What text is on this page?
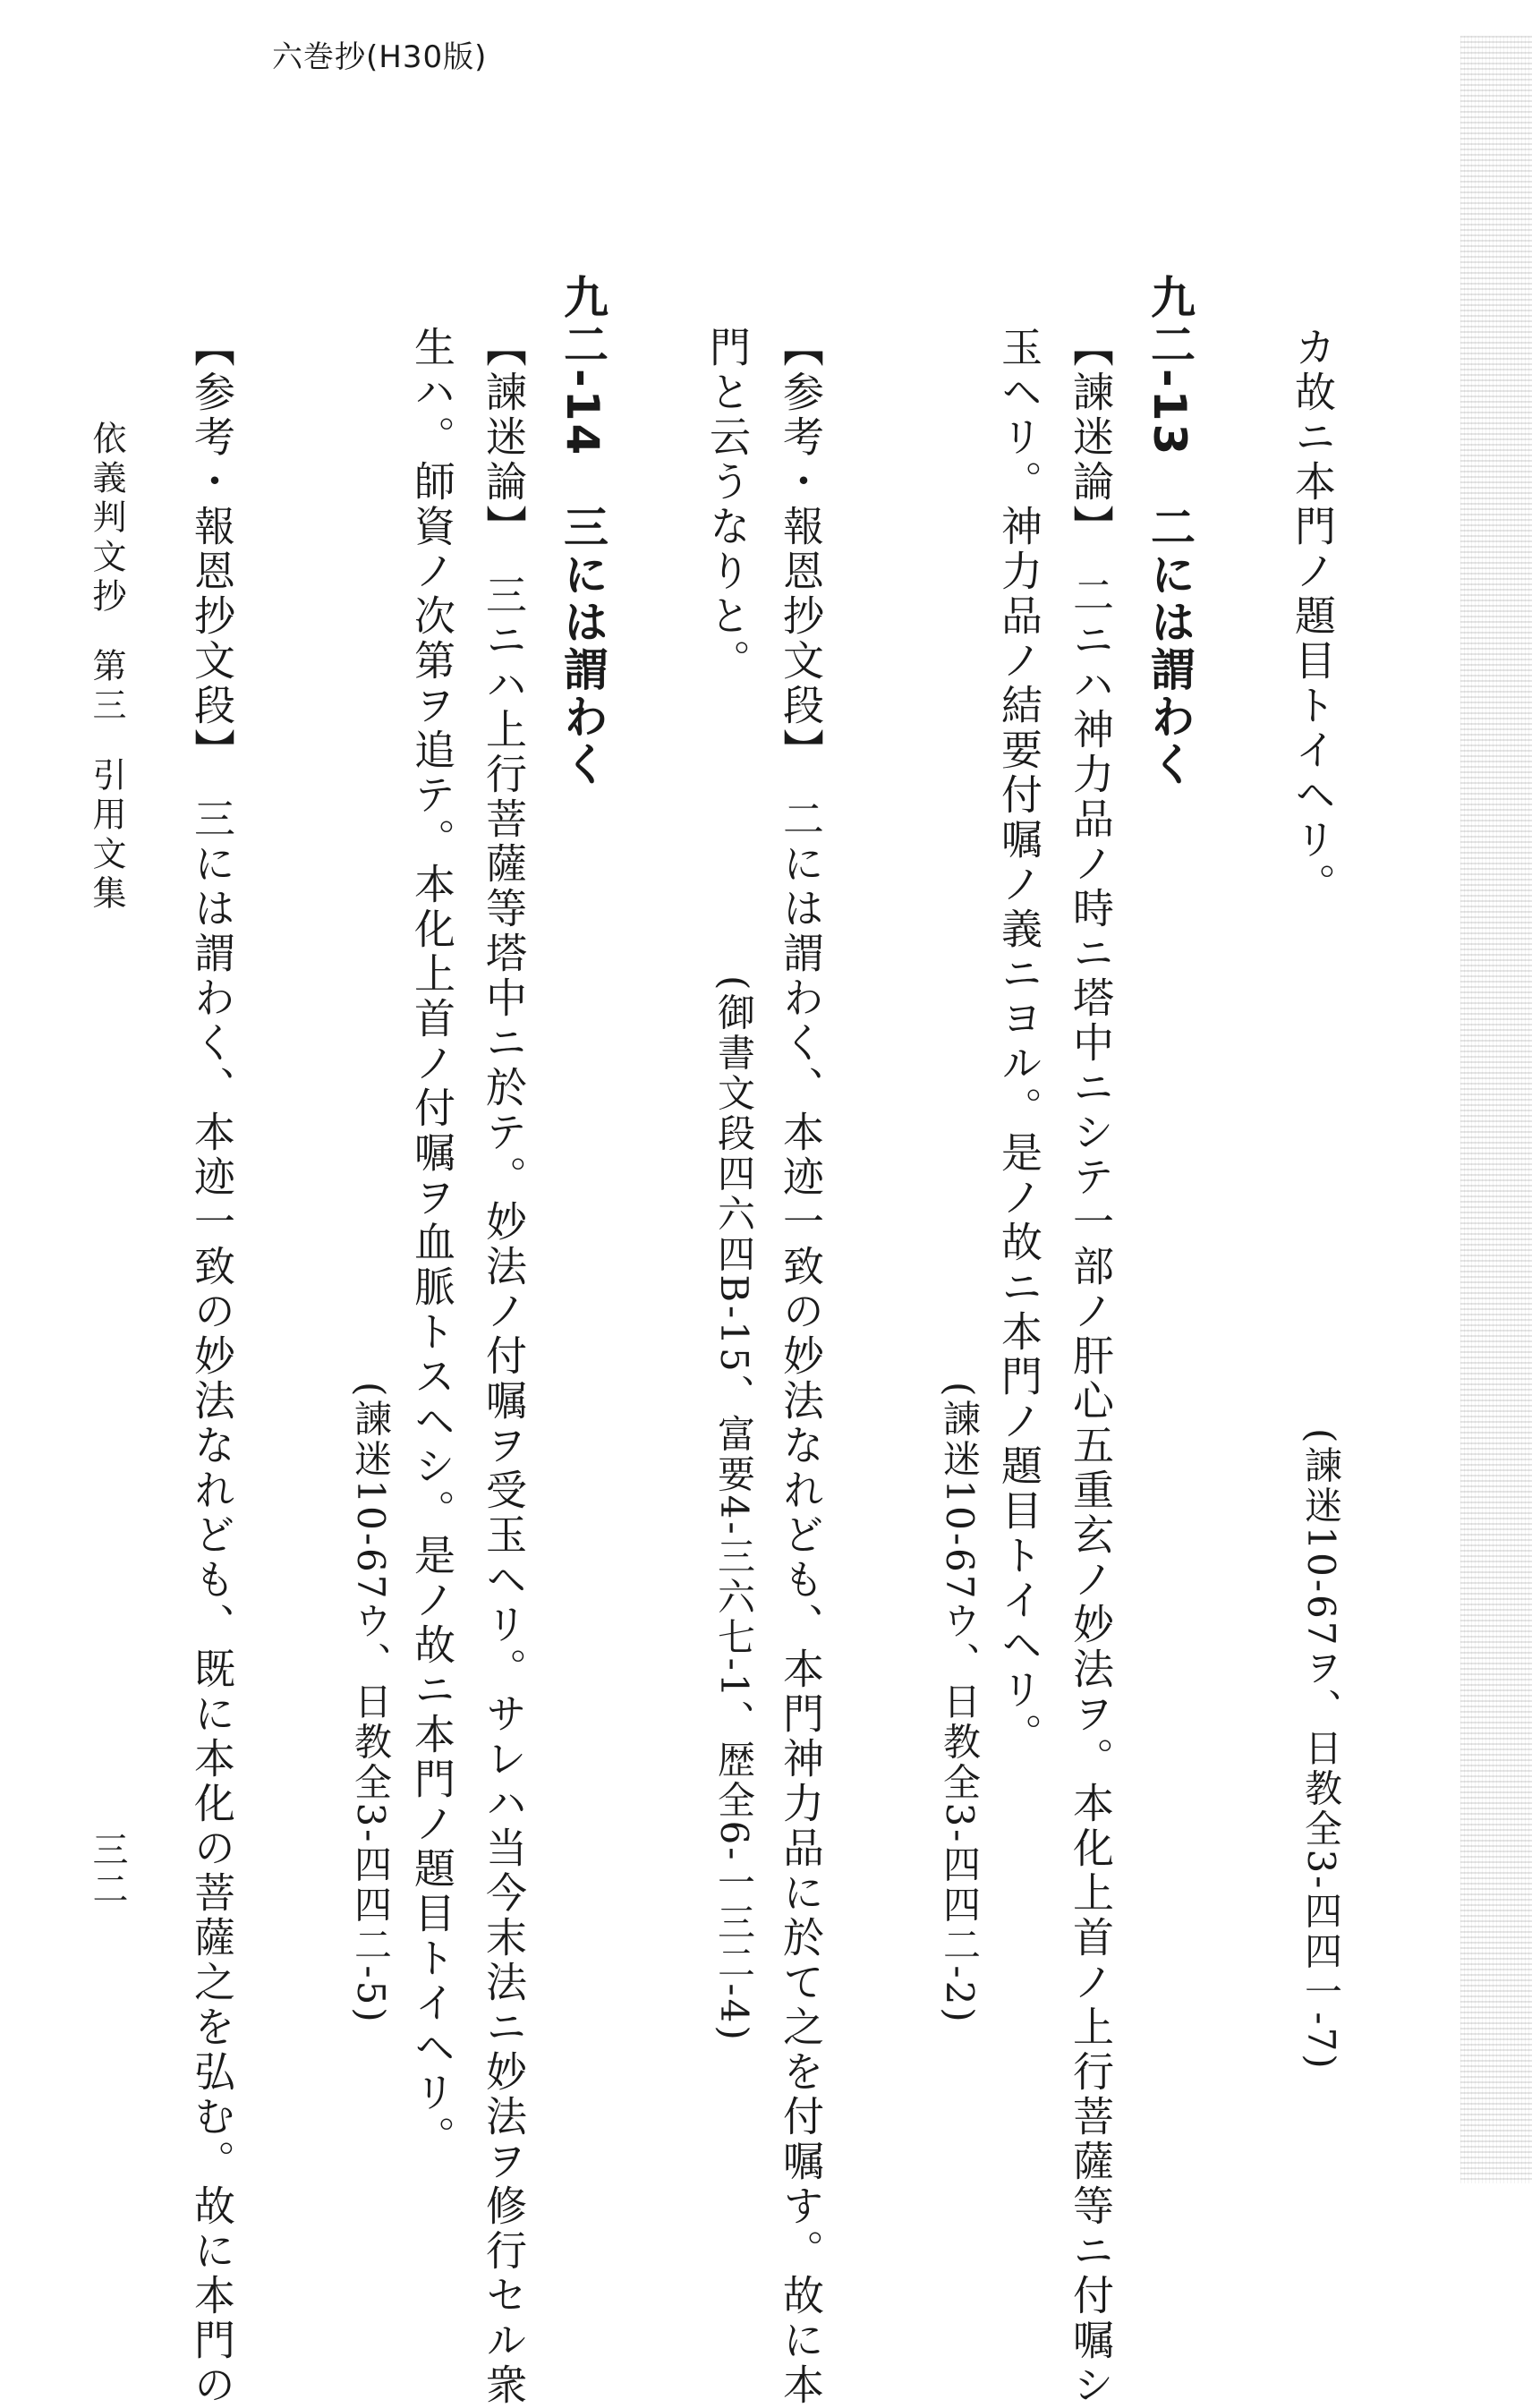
六巻抄(H30版)
カ故ニ本門ノ題目トイヘリ。
(諫迷10-67ヲ、日教全3-四四一-7)
九二-13二には謂わく
【諫迷論】　二ニハ神力品ノ時ニ塔中ニシテ一部ノ肝心五重玄ノ妙法ヲ。本化上首ノ上行菩薩等ニ付嘱シ
玉ヘリ。神力品ノ結要付嘱ノ義ニヨル。是ノ故ニ本門ノ題目トイヘリ。
(諫迷10-67ウ、日教全3-四四二-2)
【参考・報恩抄文段】　二には謂わく、本迹一致の妙法なれども、本門神力品に於て之を付嘱す。故に本
門と云うなりと。
(御書文段四六四B-15、富要4-三六七-1、歴全6-一三二-4)
九二-14三には謂わく
【諫迷論】　三ニハ上行菩薩等塔中ニ於テ。妙法ノ付嘱ヲ受玉ヘリ。サレハ当今末法ニ妙法ヲ修行セル衆
生ハ。師資ノ次第ヲ追テ。本化上首ノ付嘱ヲ血脈トスヘシ。是ノ故ニ本門ノ題目トイヘリ。
(諫迷10-67ウ、日教全3-四四二-5)
【参考・報恩抄文段】　三には謂わく、本迹一致の妙法なれども、既に本化の菩薩之を弘む。故に本門の
依義判文抄第三引用文集
三二
